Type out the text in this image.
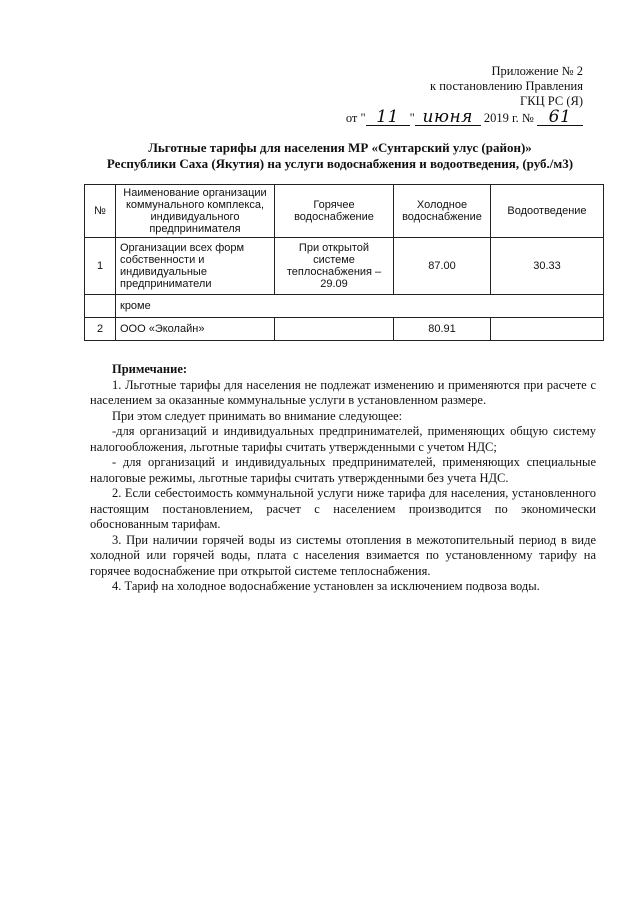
Приложение № 2
к постановлению Правления
ГКЦ РС (Я)
от " 11 " июня 2019 г. № 61
Льготные тарифы для населения МР «Сунтарский улус (район)»
Республики Саха (Якутия) на услуги водоснабжения и водоотведения, (руб./м3)
№	Наименование организации коммунального комплекса, индивидуального предпринимателя	Горячее водоснабжение	Холодное водоснабжение	Водоотведение
1	Организации всех форм собственности и индивидуальные предприниматели	При открытой системе теплоснабжения – 29.09	87.00	30.33
	кроме			
2	ООО «Эколайн»		80.91	
Примечание:
1. Льготные тарифы для населения не подлежат изменению и применяются при расчете с населением за оказанные коммунальные услуги в установленном размере.
При этом следует принимать во внимание следующее:
-для организаций и индивидуальных предпринимателей, применяющих общую систему налогообложения, льготные тарифы считать утвержденными с учетом НДС;
- для организаций и индивидуальных предпринимателей, применяющих специальные налоговые режимы, льготные тарифы считать утвержденными без учета НДС.
2. Если себестоимость коммунальной услуги ниже тарифа для населения, установленного настоящим постановлением, расчет с населением производится по экономически обоснованным тарифам.
3. При наличии горячей воды из системы отопления в межотопительный период в виде холодной или горячей воды, плата с населения взимается по установленному тарифу на горячее водоснабжение при открытой системе теплоснабжения.
4. Тариф на холодное водоснабжение установлен за исключением подвоза воды.
